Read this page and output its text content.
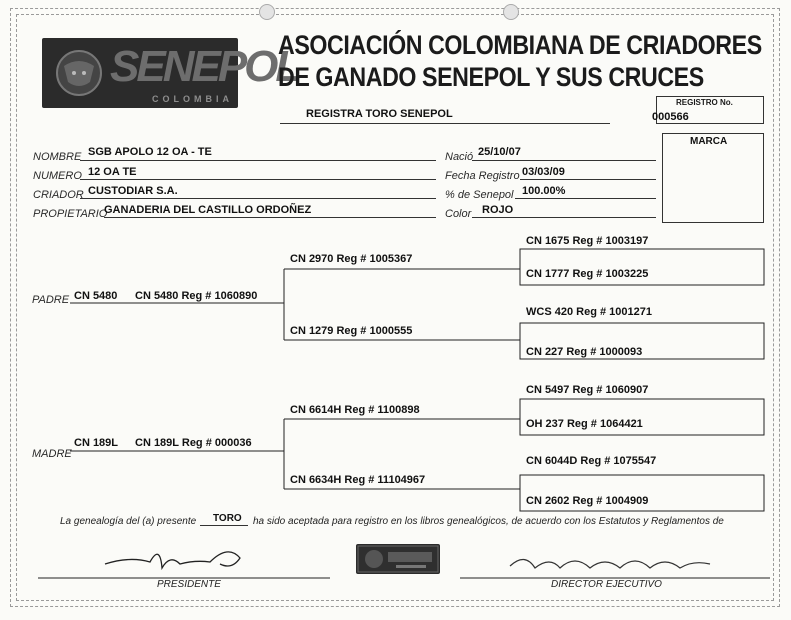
SENEPOL
COLOMBIA
ASOCIACIÓN COLOMBIANA DE CRIADORES
DE GANADO SENEPOL Y SUS CRUCES
REGISTRA TORO SENEPOL
REGISTRO No.
000566
MARCA
NOMBRE SGB APOLO 12 OA - TE
NUMERO 12 OA TE
CRIADOR CUSTODIAR S.A.
PROPIETARIO
GANADERIA DEL CASTILLO ORDOÑEZ
Nació 25/10/07
Fecha Registro 03/03/09
% de Senepol 100.00%
Color ROJO
PADRE CN 5480 CN 5480 Reg # 1060890
MADRE
CN 189L CN 189L Reg # 000036
CN 2970 Reg # 1005367
CN 1279 Reg # 1000555
CN 6614H Reg # 1100898
CN 6634H Reg # 11104967
CN 1675 Reg # 1003197
CN 1777 Reg # 1003225
WCS 420 Reg # 1001271
CN 227 Reg # 1000093
CN 5497 Reg # 1060907
OH 237 Reg # 1064421
CN 6044D Reg # 1075547
CN 2602 Reg # 1004909
La genealogía del (a) presente TORO ha sido aceptada para registro en los libros genealógicos, de acuerdo con los Estatutos y Reglamentos de
PRESIDENTE	DIRECTOR EJECUTIVO
